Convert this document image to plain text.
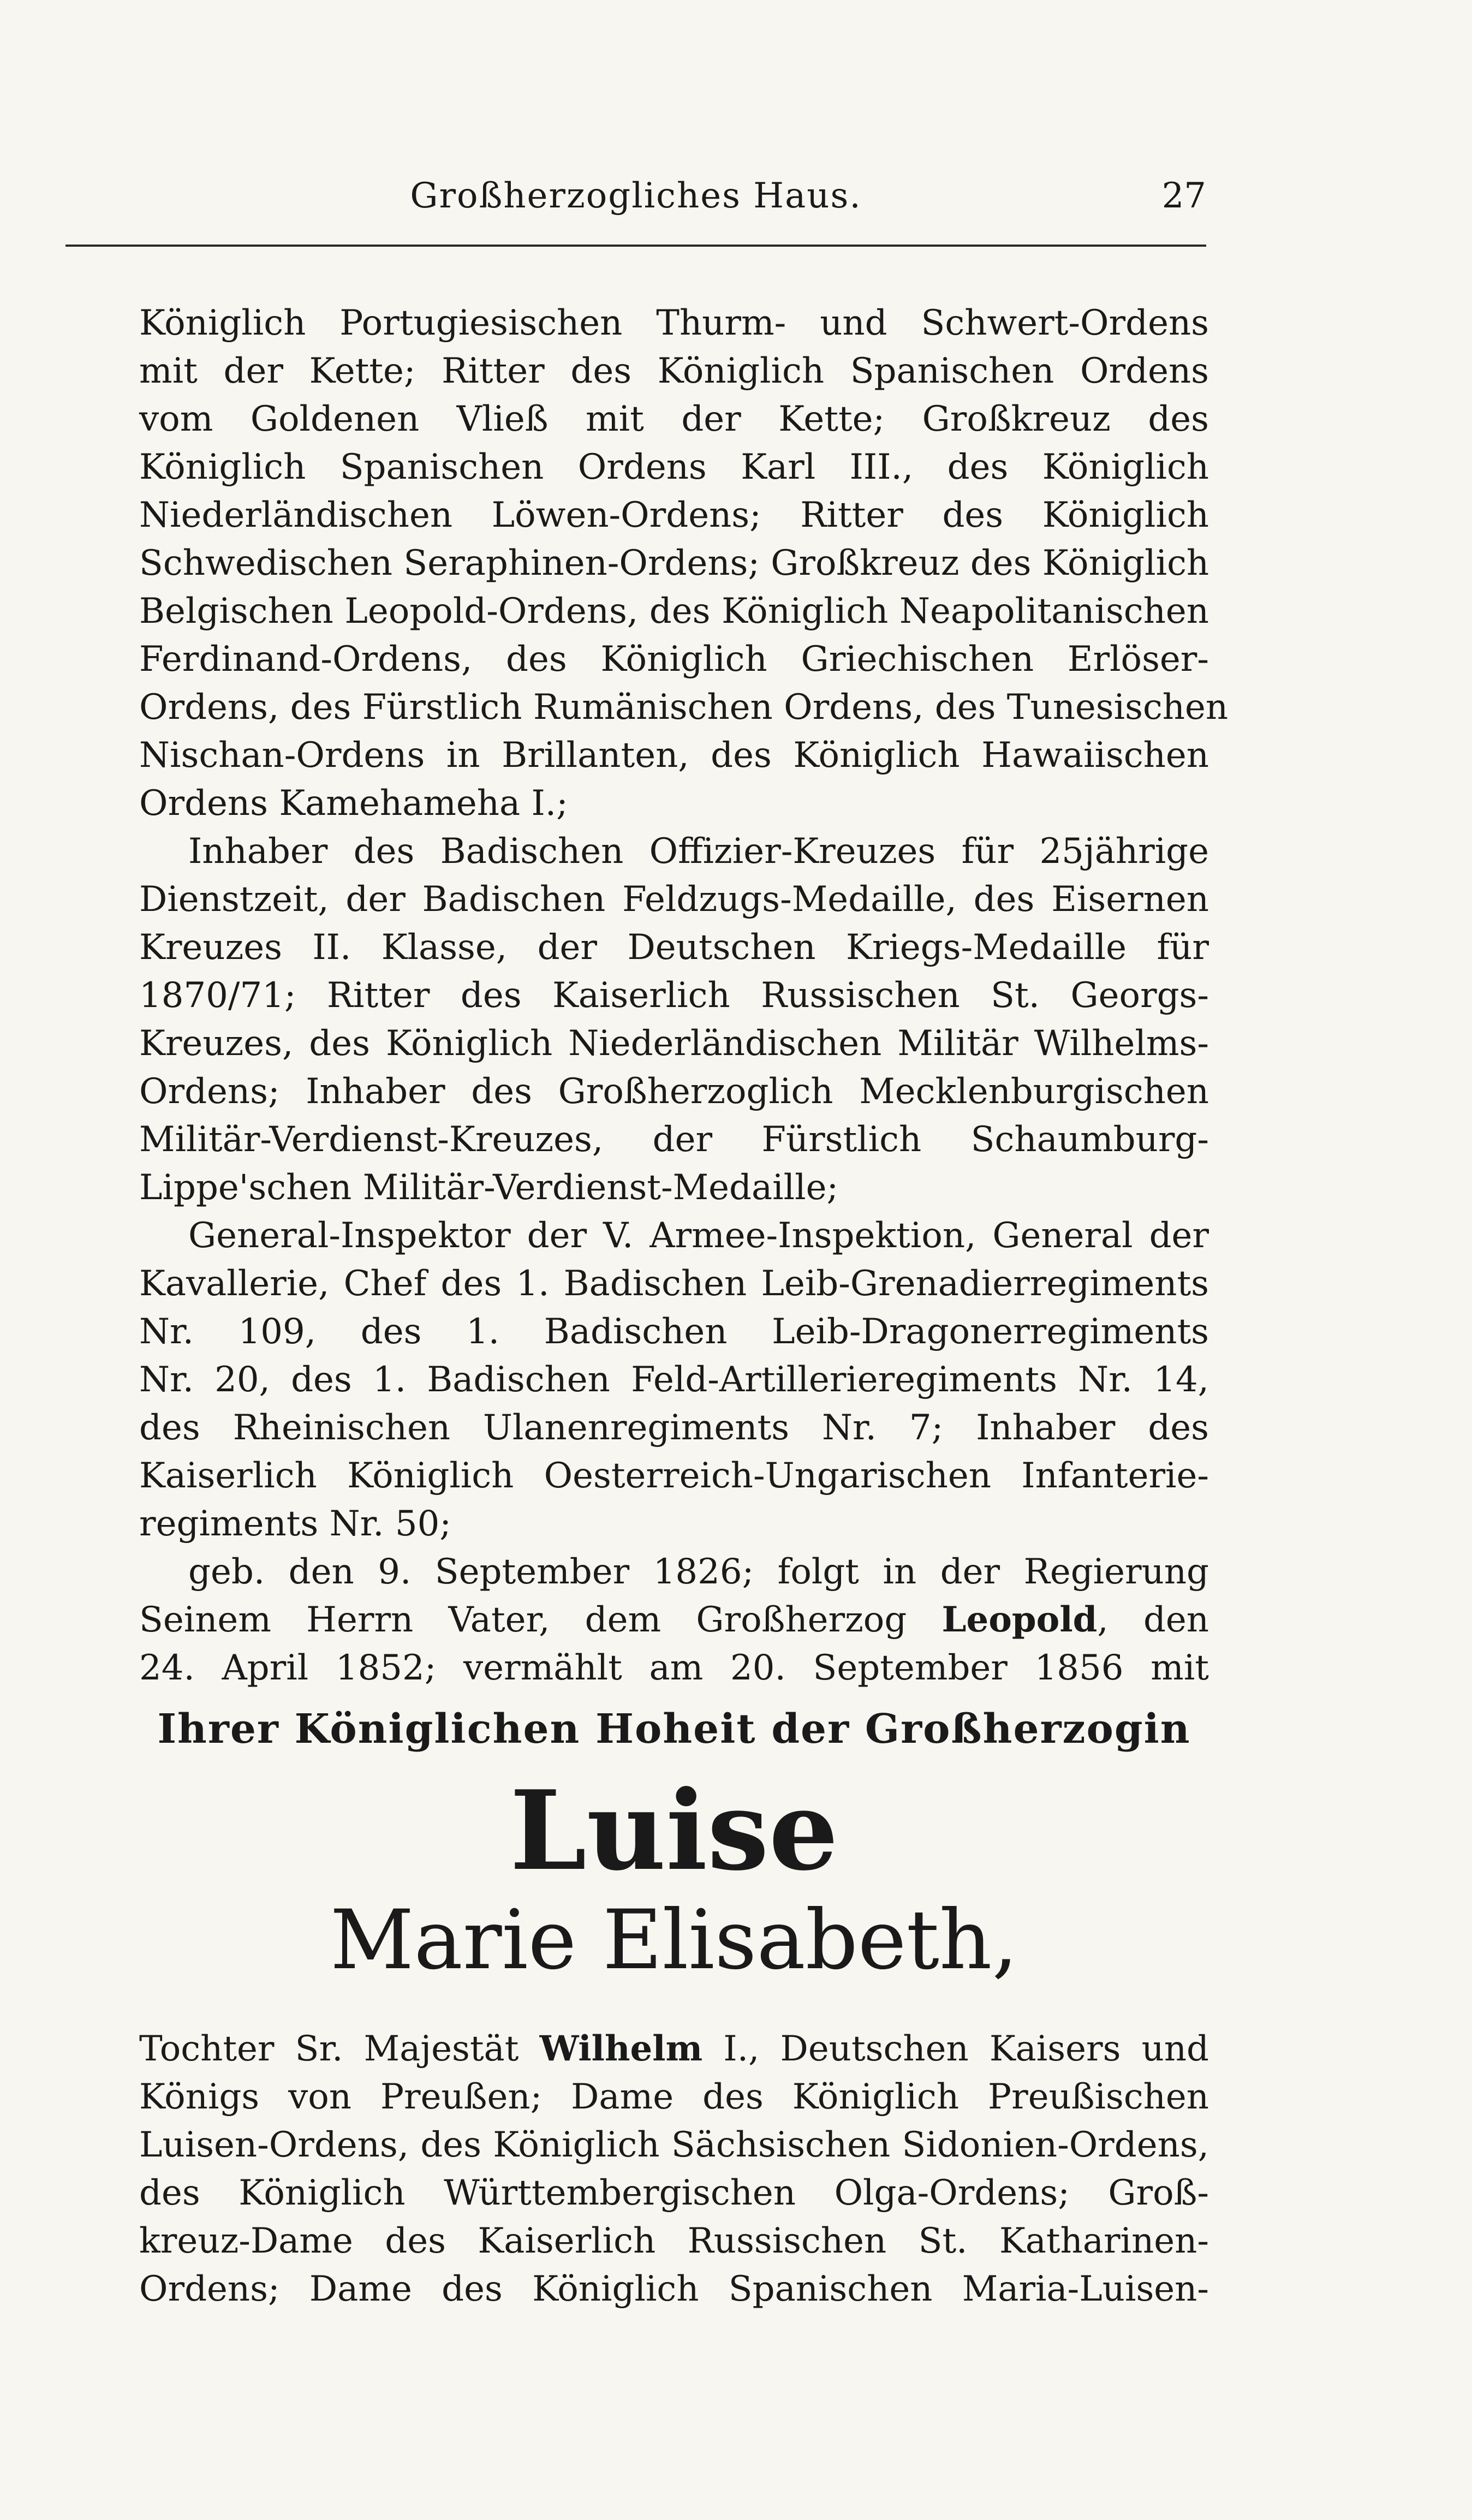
Großherzogliches Haus.	27
Königlich Portugiesischen Thurm- und Schwert-Ordens
mit der Kette; Ritter des Königlich Spanischen Ordens
vom Goldenen Vließ mit der Kette; Großkreuz des
Königlich Spanischen Ordens Karl III., des Königlich
Niederländischen Löwen-Ordens; Ritter des Königlich
Schwedischen Seraphinen-Ordens; Großkreuz des Königlich
Belgischen Leopold-Ordens, des Königlich Neapolitanischen
Ferdinand-Ordens, des Königlich Griechischen Erlöser-
Ordens, des Fürstlich Rumänischen Ordens, des Tunesischen
Nischan-Ordens in Brillanten, des Königlich Hawaiischen
Ordens Kamehameha I.;
Inhaber des Badischen Offizier-Kreuzes für 25jährige
Dienstzeit, der Badischen Feldzugs-Medaille, des Eisernen
Kreuzes II. Klasse, der Deutschen Kriegs-Medaille für
1870/71; Ritter des Kaiserlich Russischen St. Georgs-
Kreuzes, des Königlich Niederländischen Militär Wilhelms-
Ordens; Inhaber des Großherzoglich Mecklenburgischen
Militär-Verdienst-Kreuzes, der Fürstlich Schaumburg-
Lippe'schen Militär-Verdienst-Medaille;
General-Inspektor der V. Armee-Inspektion, General der
Kavallerie, Chef des 1. Badischen Leib-Grenadierregiments
Nr. 109, des 1. Badischen Leib-Dragonerregiments
Nr. 20, des 1. Badischen Feld-Artillerieregiments Nr. 14,
des Rheinischen Ulanenregiments Nr. 7; Inhaber des
Kaiserlich Königlich Oesterreich-Ungarischen Infanterie-
regiments Nr. 50;
geb. den 9. September 1826; folgt in der Regierung
Seinem Herrn Vater, dem Großherzog Leopold, den
24. April 1852; vermählt am 20. September 1856 mit
Ihrer Königlichen Hoheit der Großherzogin
Luise
Marie Elisabeth,
Tochter Sr. Majestät Wilhelm I., Deutschen Kaisers und
Königs von Preußen; Dame des Königlich Preußischen
Luisen-Ordens, des Königlich Sächsischen Sidonien-Ordens,
des Königlich Württembergischen Olga-Ordens; Groß-
kreuz-Dame des Kaiserlich Russischen St. Katharinen-
Ordens; Dame des Königlich Spanischen Maria-Luisen-
